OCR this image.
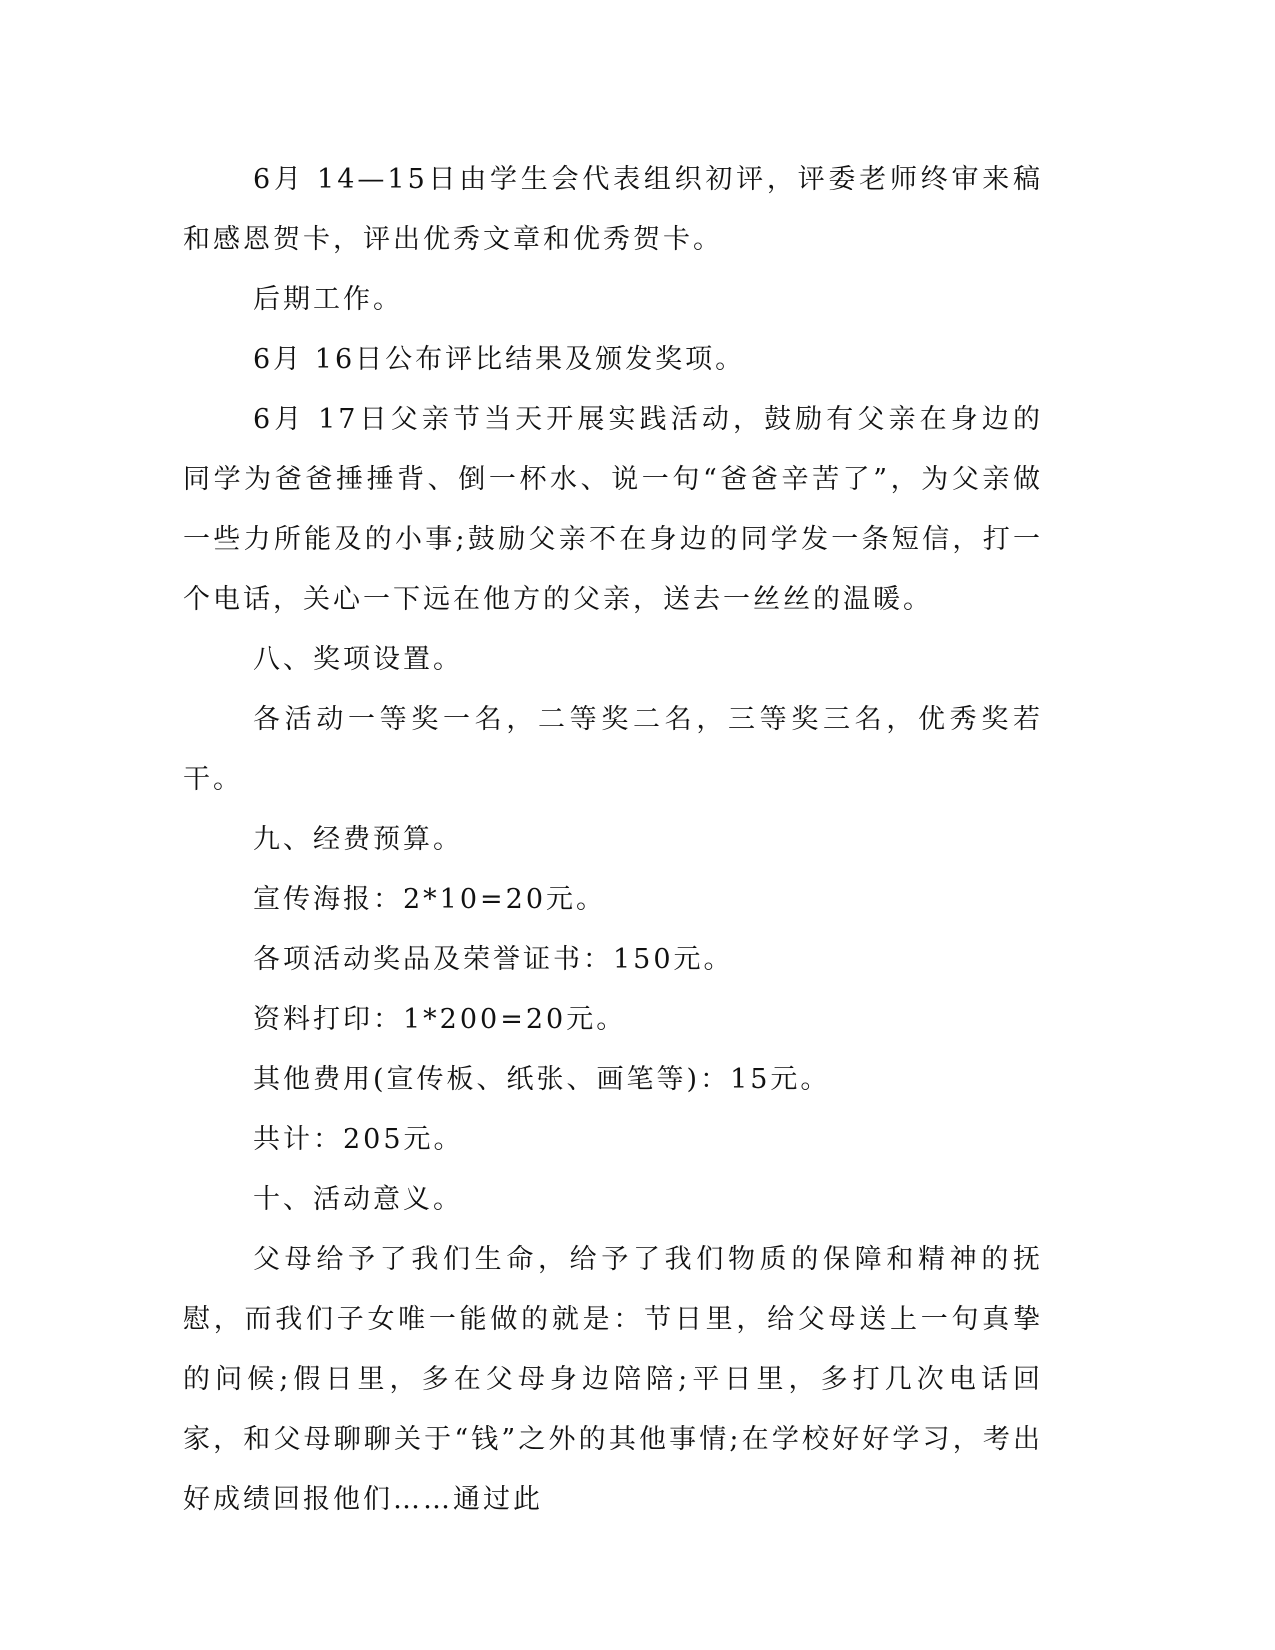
6月 14—15日由学生会代表组织初评，评委老师终审来稿和感恩贺卡，评出优秀文章和优秀贺卡。

后期工作。

6月 16日公布评比结果及颁发奖项。

6月 17日父亲节当天开展实践活动，鼓励有父亲在身边的同学为爸爸捶捶背、倒一杯水、说一句“爸爸辛苦了”，为父亲做一些力所能及的小事;鼓励父亲不在身边的同学发一条短信，打一个电话，关心一下远在他方的父亲，送去一丝丝的温暖。

八、奖项设置。

各活动一等奖一名，二等奖二名，三等奖三名，优秀奖若干。

九、经费预算。

宣传海报：2*10=20元。

各项活动奖品及荣誉证书：150元。

资料打印：1*200=20元。

其他费用(宣传板、纸张、画笔等)：15元。

共计：205元。

十、活动意义。

父母给予了我们生命，给予了我们物质的保障和精神的抚慰，而我们子女唯一能做的就是：节日里，给父母送上一句真挚的问候;假日里，多在父母身边陪陪;平日里，多打几次电话回家，和父母聊聊关于“钱”之外的其他事情;在学校好好学习，考出好成绩回报他们……通过此
